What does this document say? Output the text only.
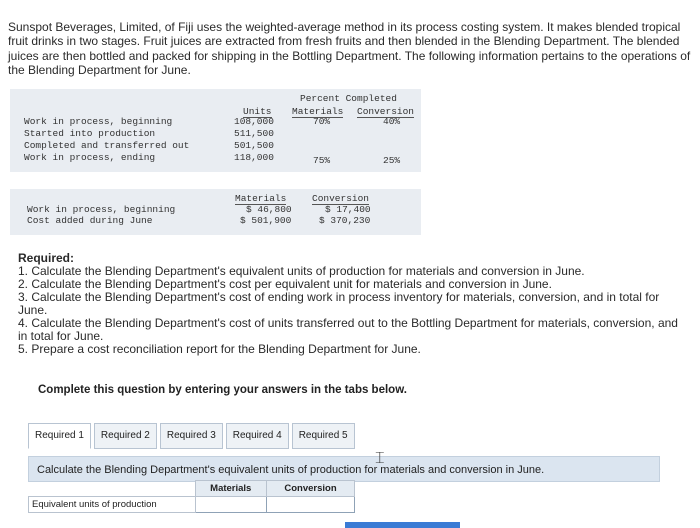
Sunspot Beverages, Limited, of Fiji uses the weighted-average method in its process costing system. It makes blended tropical fruit drinks in two stages. Fruit juices are extracted from fresh fruits and then blended in the Blending Department. The blended juices are then bottled and packed for shipping in the Bottling Department. The following information pertains to the operations of the Blending Department for June.
Percent Completed
Units Materials Conversion
Work in process, beginning	108,000	70%	40%
Started into production	511,500
Completed and transferred out	501,500
Work in process, ending	118,000	75%	25%
Materials	Conversion
Work in process, beginning	$ 46,800	$ 17,400
Cost added during June	$ 501,900	$ 370,230
Required:
1. Calculate the Blending Department's equivalent units of production for materials and conversion in June.
2. Calculate the Blending Department's cost per equivalent unit for materials and conversion in June.
3. Calculate the Blending Department's cost of ending work in process inventory for materials, conversion, and in total for June.
4. Calculate the Blending Department's cost of units transferred out to the Bottling Department for materials, conversion, and in total for June.
5. Prepare a cost reconciliation report for the Blending Department for June.
Complete this question by entering your answers in the tabs below.
Required 1	Required 2	Required 3	Required 4	Required 5
Calculate the Blending Department's equivalent units of production for materials and conversion in June.
⌶
	Materials	Conversion
Equivalent units of production		
